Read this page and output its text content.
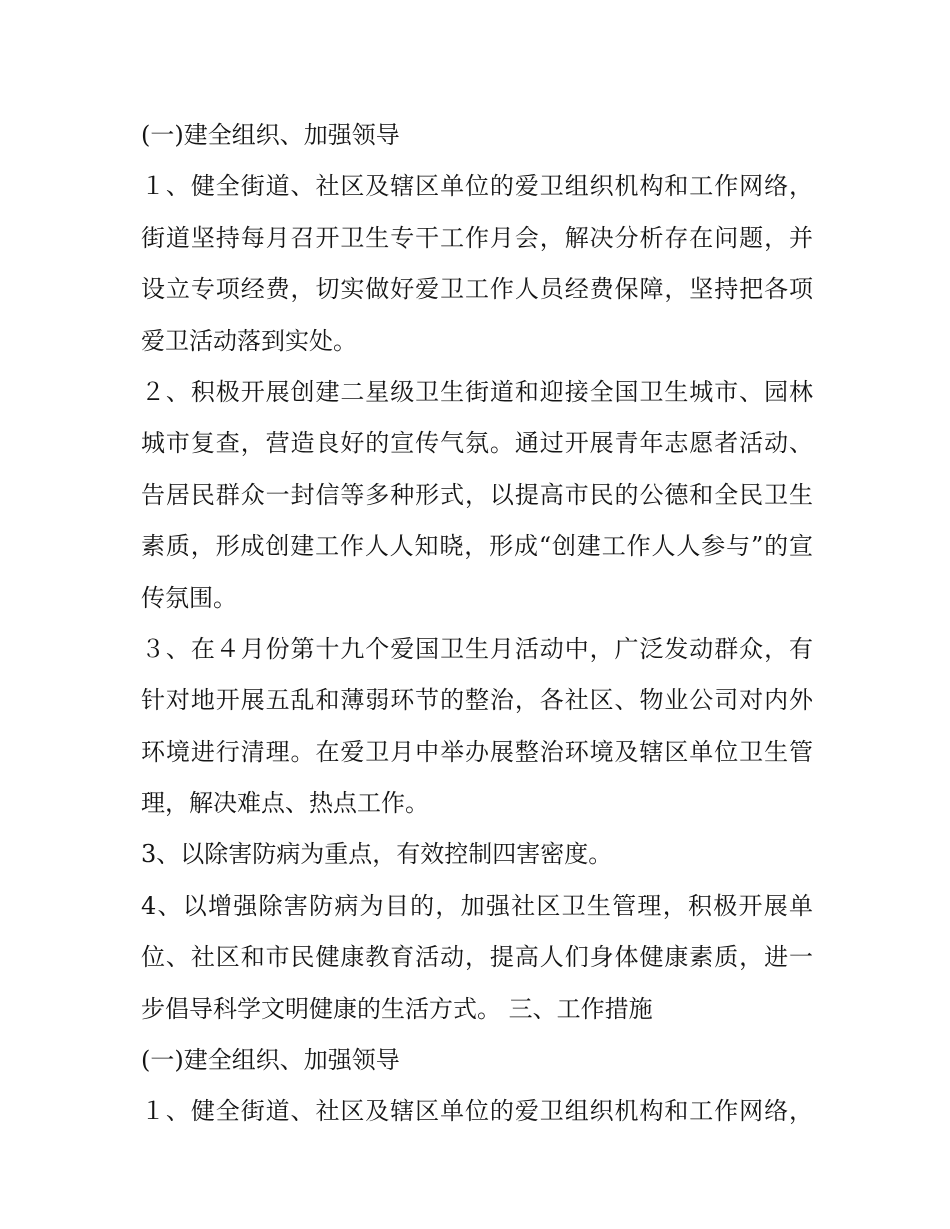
(一)建全组织、加强领导
１、健全街道、社区及辖区单位的爱卫组织机构和工作网络，
街道坚持每月召开卫生专干工作月会，解决分析存在问题，并
设立专项经费，切实做好爱卫工作人员经费保障，坚持把各项
爱卫活动落到实处。
２、积极开展创建二星级卫生街道和迎接全国卫生城市、园林
城市复查，营造良好的宣传气氛。通过开展青年志愿者活动、
告居民群众一封信等多种形式，以提高市民的公德和全民卫生
素质，形成创建工作人人知晓，形成“创建工作人人参与”的宣
传氛围。
３、在４月份第十九个爱国卫生月活动中，广泛发动群众，有
针对地开展五乱和薄弱环节的整治，各社区、物业公司对内外
环境进行清理。在爱卫月中举办展整治环境及辖区单位卫生管
理，解决难点、热点工作。
3、以除害防病为重点，有效控制四害密度。
4、以增强除害防病为目的，加强社区卫生管理，积极开展单
位、社区和市民健康教育活动，提高人们身体健康素质，进一
步倡导科学文明健康的生活方式。 三、工作措施
(一)建全组织、加强领导
１、健全街道、社区及辖区单位的爱卫组织机构和工作网络，
